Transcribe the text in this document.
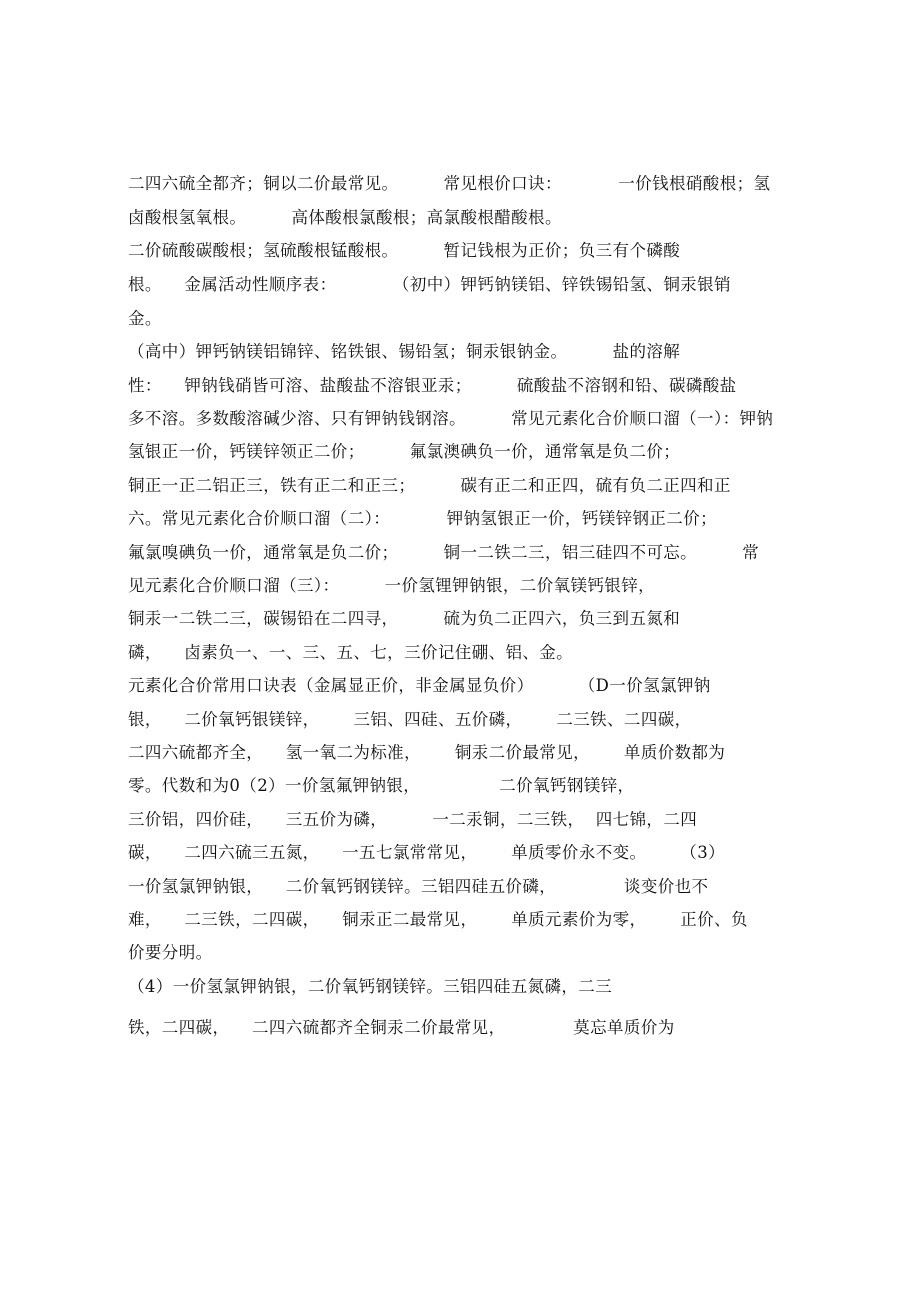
二四六硫全都齐；铜以二价最常见。        常见根价口诀：          一价钱根硝酸根；氢
卤酸根氢氧根。        高体酸根氯酸根；高氯酸根醋酸根。
二价硫酸碳酸根；氢硫酸根锰酸根。        暂记钱根为正价；负三有个磷酸
根。    金属活动性顺序表：          （初中）钾钙钠镁铝、锌铁锡铅氢、铜汞银销
金。
（高中）钾钙钠镁铝锦锌、铭铁银、锡铅氢；铜汞银钠金。        盐的溶解
性：    钾钠钱硝皆可溶、盐酸盐不溶银亚汞；        硫酸盐不溶钢和铅、碳磷酸盐
多不溶。多数酸溶碱少溶、只有钾钠钱钢溶。        常见元素化合价顺口溜（一）：钾钠
氢银正一价，钙镁锌领正二价；        氟氯澳碘负一价，通常氧是负二价；
铜正一正二铝正三，铁有正二和正三；        碳有正二和正四，硫有负二正四和正
六。常见元素化合价顺口溜（二）：          钾钠氢银正一价，钙镁锌钢正二价；
氟氯嗅碘负一价，通常氧是负二价；        铜一二铁二三，铝三硅四不可忘。        常
见元素化合价顺口溜（三）：        一价氢锂钾钠银，二价氧镁钙银锌，
铜汞一二铁二三，碳锡铅在二四寻，        硫为负二正四六，负三到五氮和
磷，    卤素负一、一、三、五、七，三价记住硼、铝、金。
元素化合价常用口诀表（金属显正价，非金属显负价）        （D一价氢氯钾钠
银，    二价氧钙银镁锌，      三铝、四硅、五价磷，      二三铁、二四碳，
二四六硫都齐全，    氢一氧二为标准，      铜汞二价最常见，      单质价数都为
零。代数和为0（2）一价氢氟钾钠银，              二价氧钙钢镁锌，
三价铝，四价硅，    三五价为磷，        一二汞铜，二三铁，  四七锦，二四
碳，    二四六硫三五氮，    一五七氯常常见，      单质零价永不变。      （3）
一价氢氯钾钠银，    二价氧钙钢镁锌。三铝四硅五价磷，            谈变价也不
难，    二三铁，二四碳，    铜汞正二最常见，      单质元素价为零，      正价、负
价要分明。
（4）一价氢氯钾钠银，二价氧钙钢镁锌。三铝四硅五氮磷，二三
铁，二四碳，    二四六硫都齐全铜汞二价最常见，            莫忘单质价为
